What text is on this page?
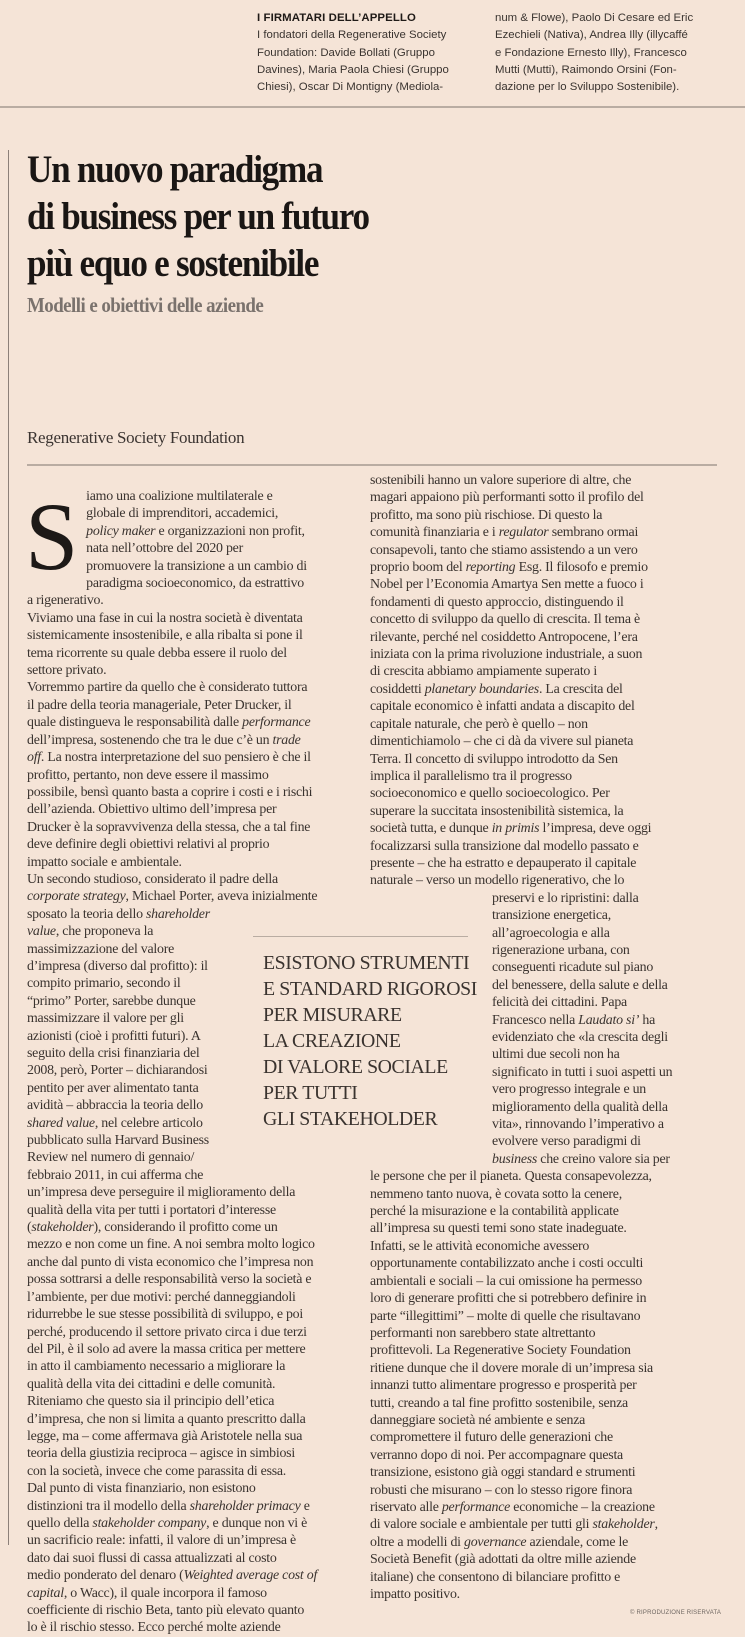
I FIRMATARI DELL’APPELLO
I fondatori della Regenerative Society
Foundation: Davide Bollati (Gruppo
Davines), Maria Paola Chiesi (Gruppo
Chiesi), Oscar Di Montigny (Mediola-
num & Flowe), Paolo Di Cesare ed Eric
Ezechieli (Nativa), Andrea Illy (illycaffé
e Fondazione Ernesto Illy), Francesco
Mutti (Mutti), Raimondo Orsini (Fon-
dazione per lo Sviluppo Sostenibile).
Un nuovo paradigma
di business per un futuro
più equo e sostenibile
Modelli e obiettivi delle aziende
Regenerative Society Foundation
S iamo una coalizione multilaterale e
globale di imprenditori, accademici,
policy maker e organizzazioni non profit,
nata nell’ottobre del 2020 per
promuovere la transizione a un cambio di
paradigma socioeconomico, da estrattivo
a rigenerativo.
Viviamo una fase in cui la nostra società è diventata
sistemicamente insostenibile, e alla ribalta si pone il
tema ricorrente su quale debba essere il ruolo del
settore privato.
Vorremmo partire da quello che è considerato tuttora
il padre della teoria manageriale, Peter Drucker, il
quale distingueva le responsabilità dalle performance
dell’impresa, sostenendo che tra le due c’è un trade
off. La nostra interpretazione del suo pensiero è che il
profitto, pertanto, non deve essere il massimo
possibile, bensì quanto basta a coprire i costi e i rischi
dell’azienda. Obiettivo ultimo dell’impresa per
Drucker è la sopravvivenza della stessa, che a tal fine
deve definire degli obiettivi relativi al proprio
impatto sociale e ambientale.
Un secondo studioso, considerato il padre della
corporate strategy, Michael Porter, aveva inizialmente
sposato la teoria dello shareholder
value, che proponeva la
massimizzazione del valore
d’impresa (diverso dal profitto): il
compito primario, secondo il
“primo” Porter, sarebbe dunque
massimizzare il valore per gli
azionisti (cioè i profitti futuri). A
seguito della crisi finanziaria del
2008, però, Porter – dichiarandosi
pentito per aver alimentato tanta
avidità – abbraccia la teoria dello
shared value, nel celebre articolo
pubblicato sulla Harvard Business
Review nel numero di gennaio/
febbraio 2011, in cui afferma che
un’impresa deve perseguire il miglioramento della
qualità della vita per tutti i portatori d’interesse
(stakeholder), considerando il profitto come un
mezzo e non come un fine. A noi sembra molto logico
anche dal punto di vista economico che l’impresa non
possa sottrarsi a delle responsabilità verso la società e
l’ambiente, per due motivi: perché danneggiandoli
ridurrebbe le sue stesse possibilità di sviluppo, e poi
perché, producendo il settore privato circa i due terzi
del Pil, è il solo ad avere la massa critica per mettere
in atto il cambiamento necessario a migliorare la
qualità della vita dei cittadini e delle comunità.
Riteniamo che questo sia il principio dell’etica
d’impresa, che non si limita a quanto prescritto dalla
legge, ma – come affermava già Aristotele nella sua
teoria della giustizia reciproca – agisce in simbiosi
con la società, invece che come parassita di essa.
Dal punto di vista finanziario, non esistono
distinzioni tra il modello della shareholder primacy e
quello della stakeholder company, e dunque non vi è
un sacrificio reale: infatti, il valore di un’impresa è
dato dai suoi flussi di cassa attualizzati al costo
medio ponderato del denaro (Weighted average cost of
capital, o Wacc), il quale incorpora il famoso
coefficiente di rischio Beta, tanto più elevato quanto
lo è il rischio stesso. Ecco perché molte aziende
sostenibili hanno un valore superiore di altre, che
magari appaiono più performanti sotto il profilo del
profitto, ma sono più rischiose. Di questo la
comunità finanziaria e i regulator sembrano ormai
consapevoli, tanto che stiamo assistendo a un vero
proprio boom del reporting Esg. Il filosofo e premio
Nobel per l’Economia Amartya Sen mette a fuoco i
fondamenti di questo approccio, distinguendo il
concetto di sviluppo da quello di crescita. Il tema è
rilevante, perché nel cosiddetto Antropocene, l’era
iniziata con la prima rivoluzione industriale, a suon
di crescita abbiamo ampiamente superato i
cosiddetti planetary boundaries. La crescita del
capitale economico è infatti andata a discapito del
capitale naturale, che però è quello – non
dimentichiamolo – che ci dà da vivere sul pianeta
Terra. Il concetto di sviluppo introdotto da Sen
implica il parallelismo tra il progresso
socioeconomico e quello socioecologico. Per
superare la succitata insostenibilità sistemica, la
società tutta, e dunque in primis l’impresa, deve oggi
focalizzarsi sulla transizione dal modello passato e
presente – che ha estratto e depauperato il capitale
naturale – verso un modello rigenerativo, che lo
preservi e lo ripristini: dalla
transizione energetica,
all’agroecologia e alla
rigenerazione urbana, con
conseguenti ricadute sul piano
del benessere, della salute e della
felicità dei cittadini. Papa
Francesco nella Laudato si’ ha
evidenziato che «la crescita degli
ultimi due secoli non ha
significato in tutti i suoi aspetti un
vero progresso integrale e un
miglioramento della qualità della
vita», rinnovando l’imperativo a
evolvere verso paradigmi di
business che creino valore sia per
le persone che per il pianeta. Questa consapevolezza,
nemmeno tanto nuova, è covata sotto la cenere,
perché la misurazione e la contabilità applicate
all’impresa su questi temi sono state inadeguate.
Infatti, se le attività economiche avessero
opportunamente contabilizzato anche i costi occulti
ambientali e sociali – la cui omissione ha permesso
loro di generare profitti che si potrebbero definire in
parte “illegittimi” – molte di quelle che risultavano
performanti non sarebbero state altrettanto
profittevoli. La Regenerative Society Foundation
ritiene dunque che il dovere morale di un’impresa sia
innanzi tutto alimentare progresso e prosperità per
tutti, creando a tal fine profitto sostenibile, senza
danneggiare società né ambiente e senza
compromettere il futuro delle generazioni che
verranno dopo di noi. Per accompagnare questa
transizione, esistono già oggi standard e strumenti
robusti che misurano – con lo stesso rigore finora
riservato alle performance economiche – la creazione
di valore sociale e ambientale per tutti gli stakeholder,
oltre a modelli di governance aziendale, come le
Società Benefit (già adottati da oltre mille aziende
italiane) che consentono di bilanciare profitto e
impatto positivo.
ESISTONO STRUMENTI
E STANDARD RIGOROSI
PER MISURARE
LA CREAZIONE
DI VALORE SOCIALE
PER TUTTI
GLI STAKEHOLDER
© RIPRODUZIONE RISERVATA
